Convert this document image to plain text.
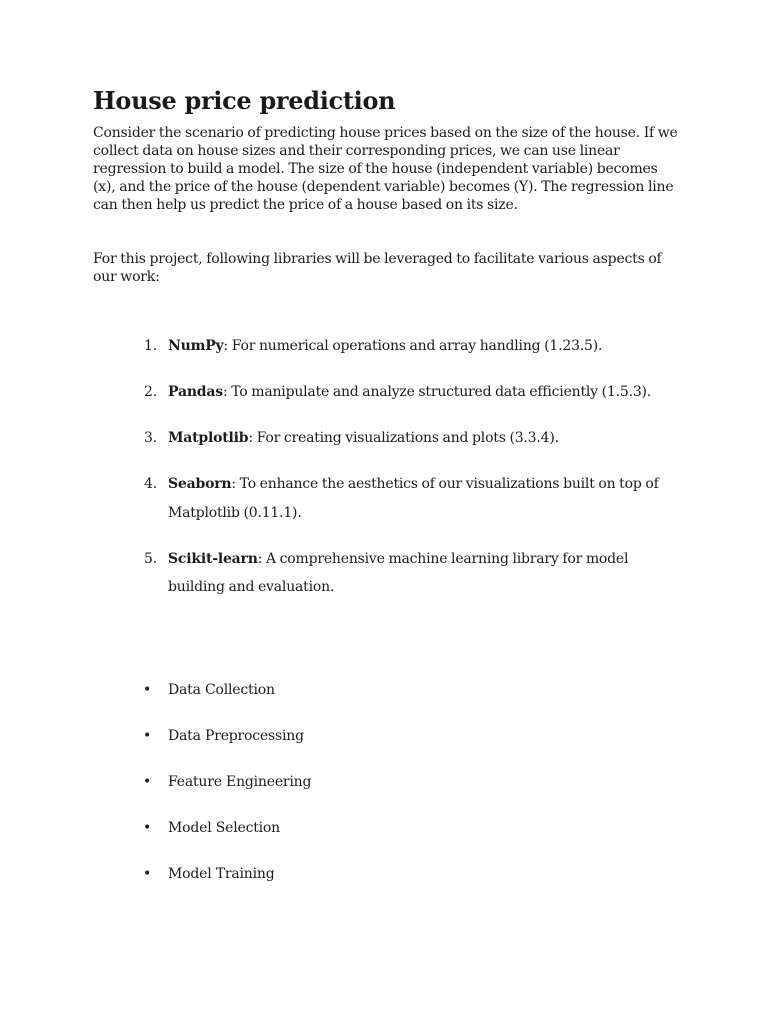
House price prediction

Consider the scenario of predicting house prices based on the size of the house. If we collect data on house sizes and their corresponding prices, we can use linear regression to build a model. The size of the house (independent variable) becomes (x), and the price of the house (dependent variable) becomes (Y). The regression line can then help us predict the price of a house based on its size.

For this project, following libraries will be leveraged to facilitate various aspects of our work:

1. NumPy: For numerical operations and array handling (1.23.5).
2. Pandas: To manipulate and analyze structured data efficiently (1.5.3).
3. Matplotlib: For creating visualizations and plots (3.3.4).
4. Seaborn: To enhance the aesthetics of our visualizations built on top of Matplotlib (0.11.1).
5. Scikit-learn: A comprehensive machine learning library for model building and evaluation.
• Data Collection
• Data Preprocessing
• Feature Engineering
• Model Selection
• Model Training
